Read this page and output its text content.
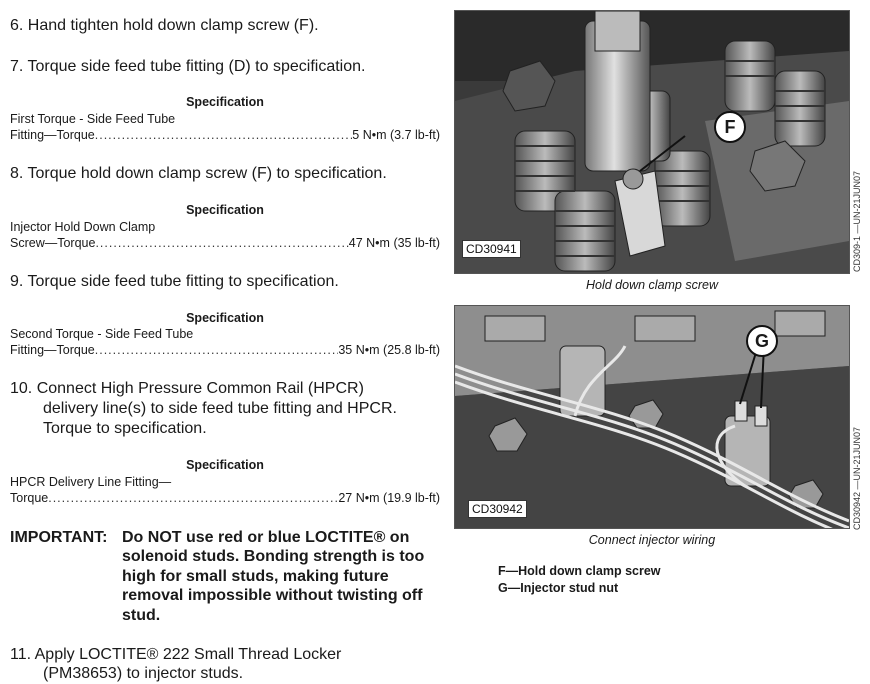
6. Hand tighten hold down clamp screw (F).
7. Torque side feed tube fitting (D) to specification.
Specification
First Torque - Side Feed Tube
Fitting—Torque .....	5 N•m (3.7 lb-ft)
8. Torque hold down clamp screw (F) to specification.
Specification
Injector Hold Down Clamp
Screw—Torque .....	47 N•m (35 lb-ft)
9. Torque side feed tube fitting to specification.
Specification
Second Torque - Side Feed Tube
Fitting—Torque .....	35 N•m (25.8 lb-ft)
10. Connect High Pressure Common Rail (HPCR)
delivery line(s) to side feed tube fitting and HPCR.
Torque to specification.
Specification
HPCR Delivery Line Fitting—
Torque .....	27 N•m (19.9 lb-ft)
IMPORTANT: Do NOT use red or blue LOCTITE® on
solenoid studs. Bonding strength is too
high for small studs, making future
removal impossible without twisting off
stud.
11. Apply LOCTITE® 222 Small Thread Locker
(PM38653) to injector studs.
F
CD30941	CD309-1 —UN-21JUN07
Hold down clamp screw
G
CD30942	CD30942 —UN-21JUN07
Connect injector wiring
F—Hold down clamp screw
G—Injector stud nut
